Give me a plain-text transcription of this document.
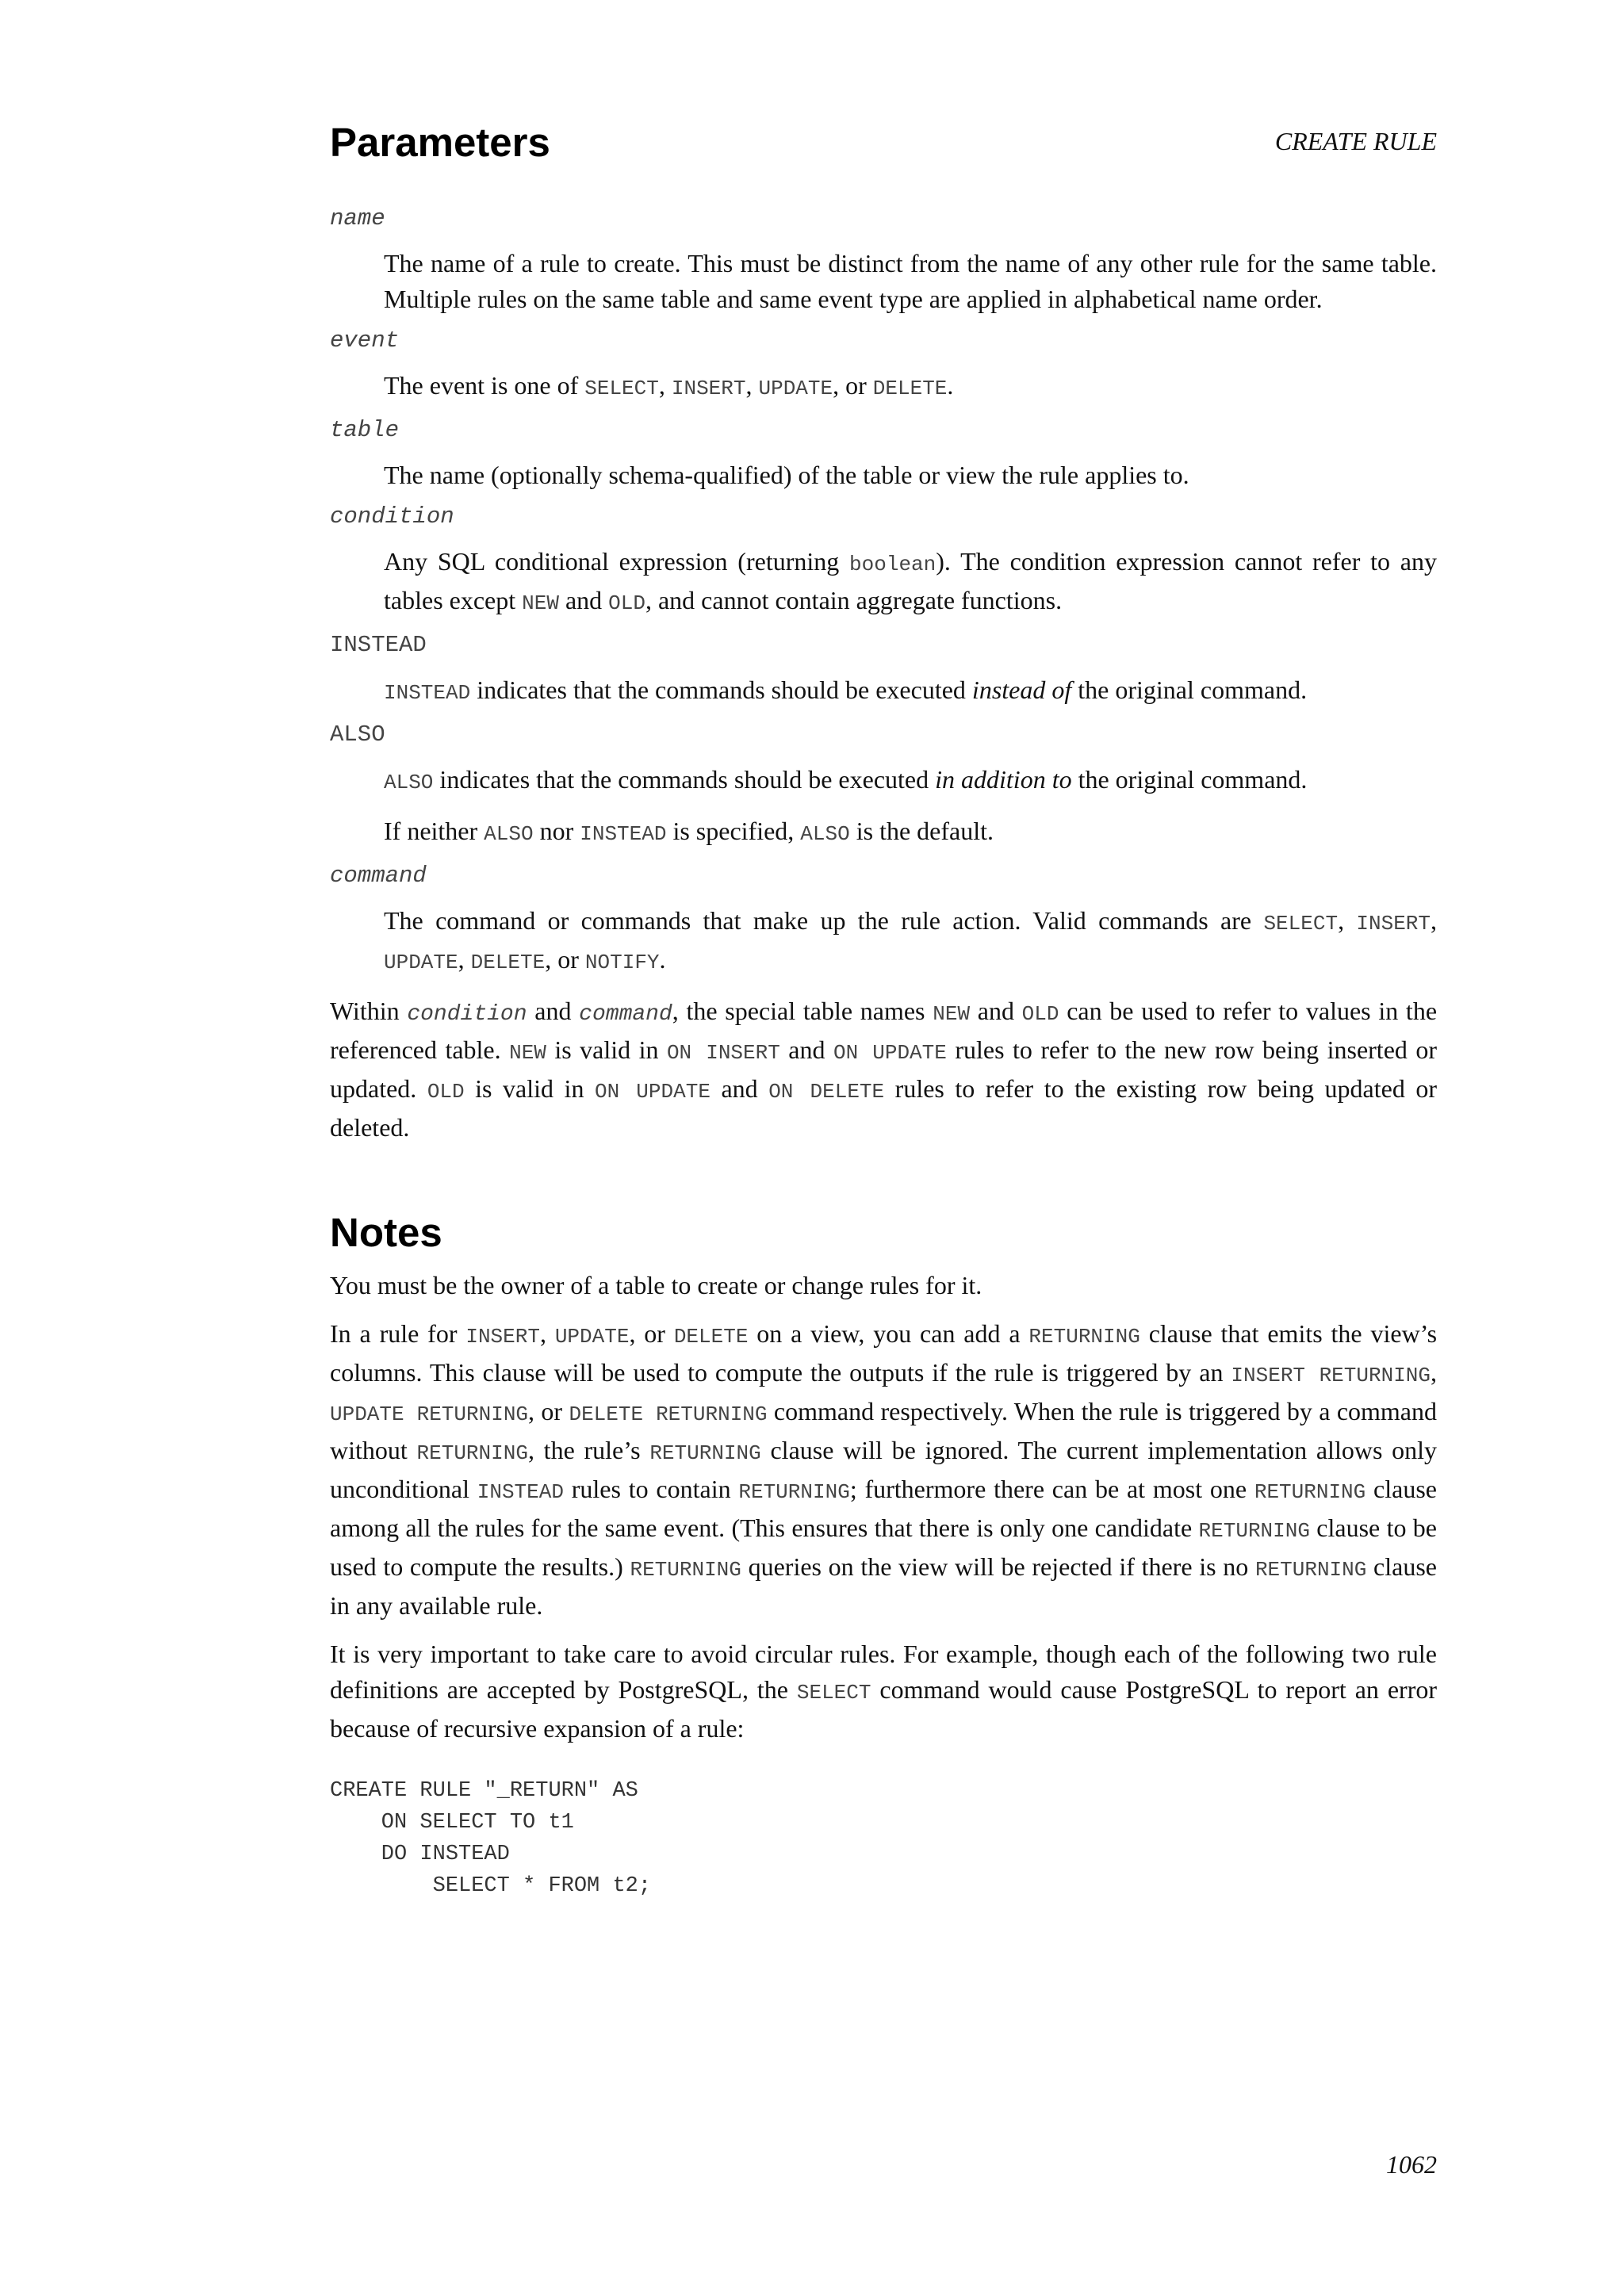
CREATE RULE
Parameters
name

The name of a rule to create. This must be distinct from the name of any other rule for the same table. Multiple rules on the same table and same event type are applied in alphabetical name order.

event

The event is one of SELECT, INSERT, UPDATE, or DELETE.

table

The name (optionally schema-qualified) of the table or view the rule applies to.

condition

Any SQL conditional expression (returning boolean). The condition expression cannot refer to any tables except NEW and OLD, and cannot contain aggregate functions.

INSTEAD

INSTEAD indicates that the commands should be executed instead of the original command.

ALSO

ALSO indicates that the commands should be executed in addition to the original command.

If neither ALSO nor INSTEAD is specified, ALSO is the default.

command

The command or commands that make up the rule action. Valid commands are SELECT, INSERT, UPDATE, DELETE, or NOTIFY.

Within condition and command, the special table names NEW and OLD can be used to refer to values in the referenced table. NEW is valid in ON INSERT and ON UPDATE rules to refer to the new row being inserted or updated. OLD is valid in ON UPDATE and ON DELETE rules to refer to the existing row being updated or deleted.

Notes

You must be the owner of a table to create or change rules for it.

In a rule for INSERT, UPDATE, or DELETE on a view, you can add a RETURNING clause that emits the view’s columns. This clause will be used to compute the outputs if the rule is triggered by an INSERT RETURNING, UPDATE RETURNING, or DELETE RETURNING command respectively. When the rule is triggered by a command without RETURNING, the rule’s RETURNING clause will be ignored. The current implementation allows only unconditional INSTEAD rules to contain RETURNING; furthermore there can be at most one RETURNING clause among all the rules for the same event. (This ensures that there is only one candidate RETURNING clause to be used to compute the results.) RETURNING queries on the view will be rejected if there is no RETURNING clause in any available rule.

It is very important to take care to avoid circular rules. For example, though each of the following two rule definitions are accepted by PostgreSQL, the SELECT command would cause PostgreSQL to report an error because of recursive expansion of a rule:

CREATE RULE "_RETURN" AS
ON SELECT TO t1
DO INSTEAD
SELECT * FROM t2;
1062
